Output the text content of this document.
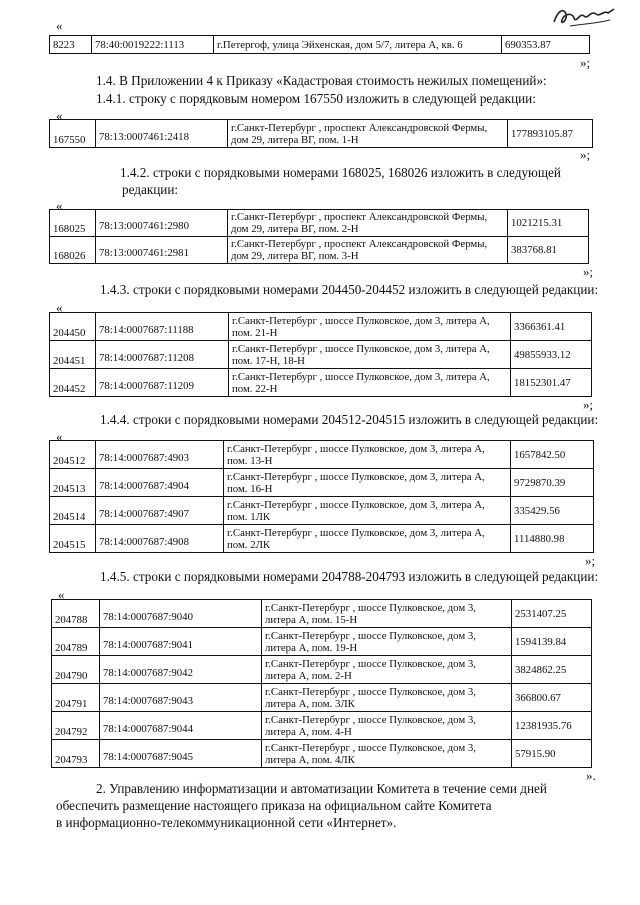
«
8223	78:40:0019222:1113	г.Петергоф, улица Эйхенская, дом 5/7, литера А, кв. 6	690353.87
»;
1.4. В Приложении 4 к Приказу «Кадастровая стоимость нежилых помещений»:
1.4.1. строку с порядковым номером 167550 изложить в следующей редакции:
«
167550	78:13:0007461:2418	г.Санкт-Петербург , проспект Александровской Фермы, дом 29, литера ВГ, пом. 1-Н	177893105.87
»;
1.4.2. строки с порядковыми номерами 168025, 168026 изложить в следующей
редакции:
«
168025	78:13:0007461:2980	г.Санкт-Петербург , проспект Александровской Фермы, дом 29, литера ВГ, пом. 2-Н	1021215.31
168026	78:13:0007461:2981	г.Санкт-Петербург , проспект Александровской Фермы, дом 29, литера ВГ, пом. 3-Н	383768.81
»;
1.4.3. строки с порядковыми номерами 204450-204452 изложить в следующей редакции:
«
204450	78:14:0007687:11188	г.Санкт-Петербург , шоссе Пулковское, дом 3, литера А, пом. 21-Н	3366361.41
204451	78:14:0007687:11208	г.Санкт-Петербург , шоссе Пулковское, дом 3, литера А, пом. 17-Н, 18-Н	49855933.12
204452	78:14:0007687:11209	г.Санкт-Петербург , шоссе Пулковское, дом 3, литера А, пом. 22-Н	18152301.47
»;
1.4.4. строки с порядковыми номерами 204512-204515 изложить в следующей редакции:
«
204512	78:14:0007687:4903	г.Санкт-Петербург , шоссе Пулковское, дом 3, литера А, пом. 13-Н	1657842.50
204513	78:14:0007687:4904	г.Санкт-Петербург , шоссе Пулковское, дом 3, литера А, пом. 16-Н	9729870.39
204514	78:14:0007687:4907	г.Санкт-Петербург , шоссе Пулковское, дом 3, литера А, пом. 1ЛК	335429.56
204515	78:14:0007687:4908	г.Санкт-Петербург , шоссе Пулковское, дом 3, литера А, пом. 2ЛК	1114880.98
»;
1.4.5. строки с порядковыми номерами 204788-204793 изложить в следующей редакции:
«
204788	78:14:0007687:9040	г.Санкт-Петербург , шоссе Пулковское, дом 3, литера А, пом. 15-Н	2531407.25
204789	78:14:0007687:9041	г.Санкт-Петербург , шоссе Пулковское, дом 3, литера А, пом. 19-Н	1594139.84
204790	78:14:0007687:9042	г.Санкт-Петербург , шоссе Пулковское, дом 3, литера А, пом. 2-Н	3824862.25
204791	78:14:0007687:9043	г.Санкт-Петербург , шоссе Пулковское, дом 3, литера А, пом. 3ЛК	366800.67
204792	78:14:0007687:9044	г.Санкт-Петербург , шоссе Пулковское, дом 3, литера А, пом. 4-Н	12381935.76
204793	78:14:0007687:9045	г.Санкт-Петербург , шоссе Пулковское, дом 3, литера А, пом. 4ЛК	57915.90
».
2. Управлению информатизации и автоматизации Комитета в течение семи дней
обеспечить размещение настоящего приказа на официальном сайте Комитета
в информационно-телекоммуникационной сети «Интернет».
